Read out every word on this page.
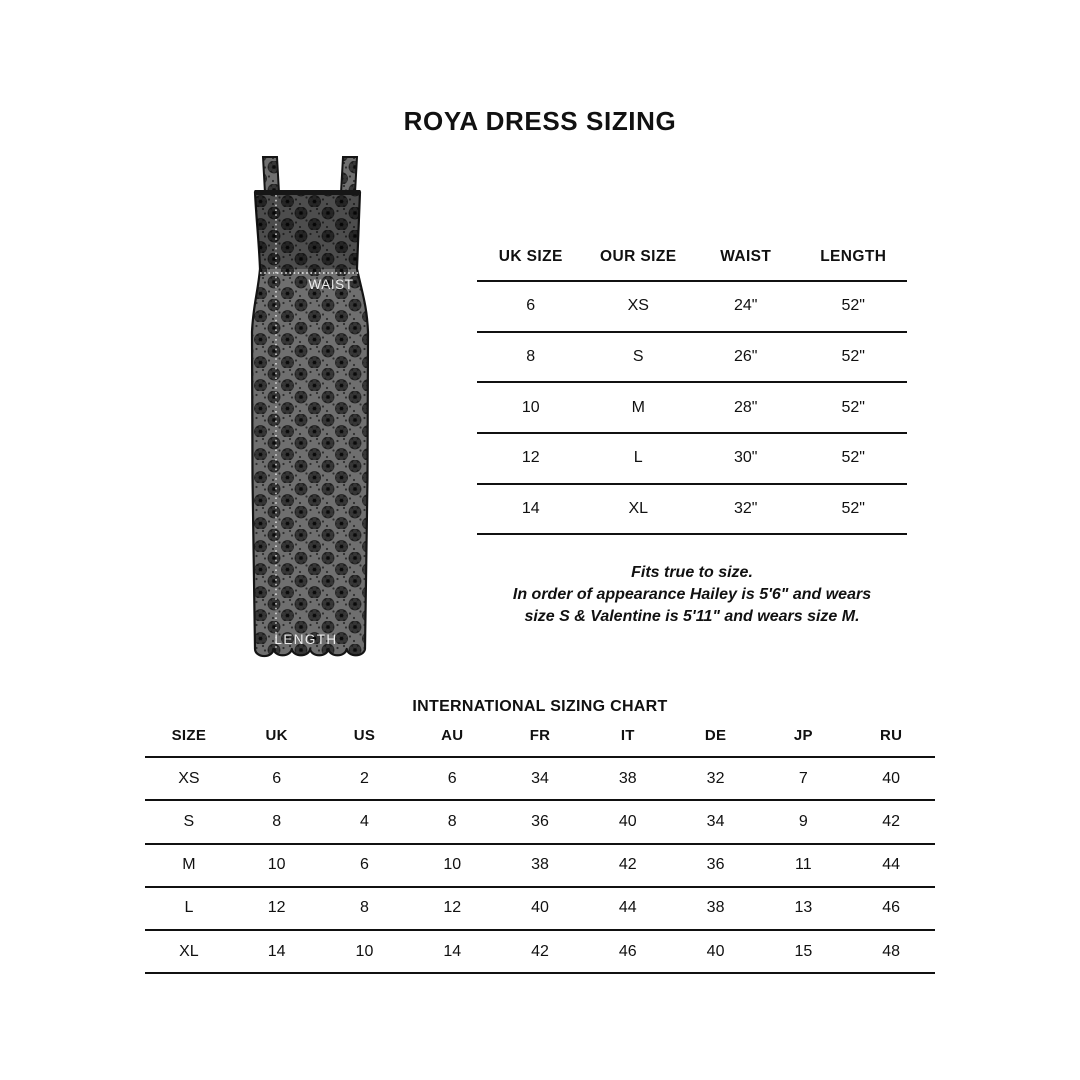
ROYA DRESS SIZING
WAIST
LENGTH
UK SIZE	OUR SIZE	WAIST	LENGTH
6	XS	24"	52"
8	S	26"	52"
10	M	28"	52"
12	L	30"	52"
14	XL	32"	52"
Fits true to size.
In order of appearance Hailey is 5'6" and wears
size S & Valentine is 5'11" and wears size M.
INTERNATIONAL SIZING CHART
SIZE	UK	US	AU	FR	IT	DE	JP	RU
XS	6	2	6	34	38	32	7	40
S	8	4	8	36	40	34	9	42
M	10	6	10	38	42	36	11	44
L	12	8	12	40	44	38	13	46
XL	14	10	14	42	46	40	15	48
